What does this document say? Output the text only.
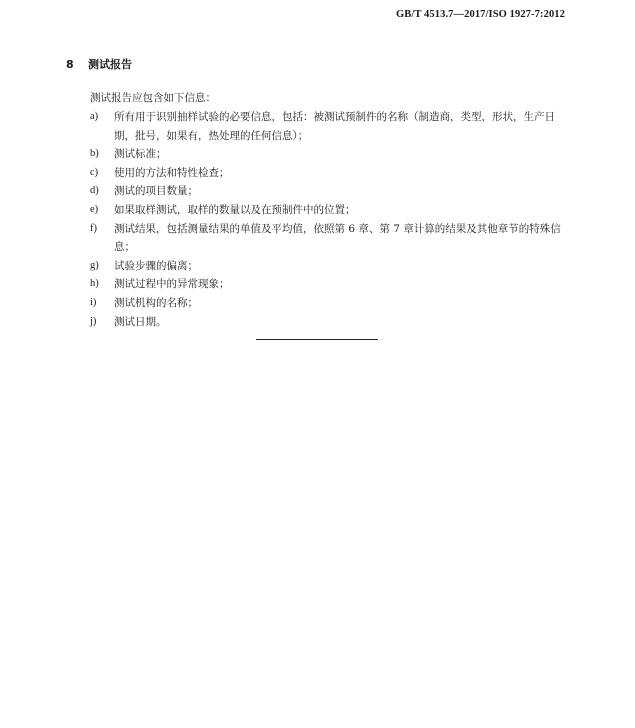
GB/T 4513.7—2017/ISO 1927-7:2012
8 测试报告
测试报告应包含如下信息：
a) 所有用于识别抽样试验的必要信息，包括：被测试预制件的名称（制造商，类型，形状，生产日期，批号，如果有，热处理的任何信息）；
b) 测试标准；
c) 使用的方法和特性检查；
d) 测试的项目数量；
e) 如果取样测试，取样的数量以及在预制件中的位置；
f) 测试结果，包括测量结果的单值及平均值，依照第 6 章、第 7 章计算的结果及其他章节的特殊信息；
g) 试验步骤的偏离；
h) 测试过程中的异常现象；
i) 测试机构的名称；
j) 测试日期。
